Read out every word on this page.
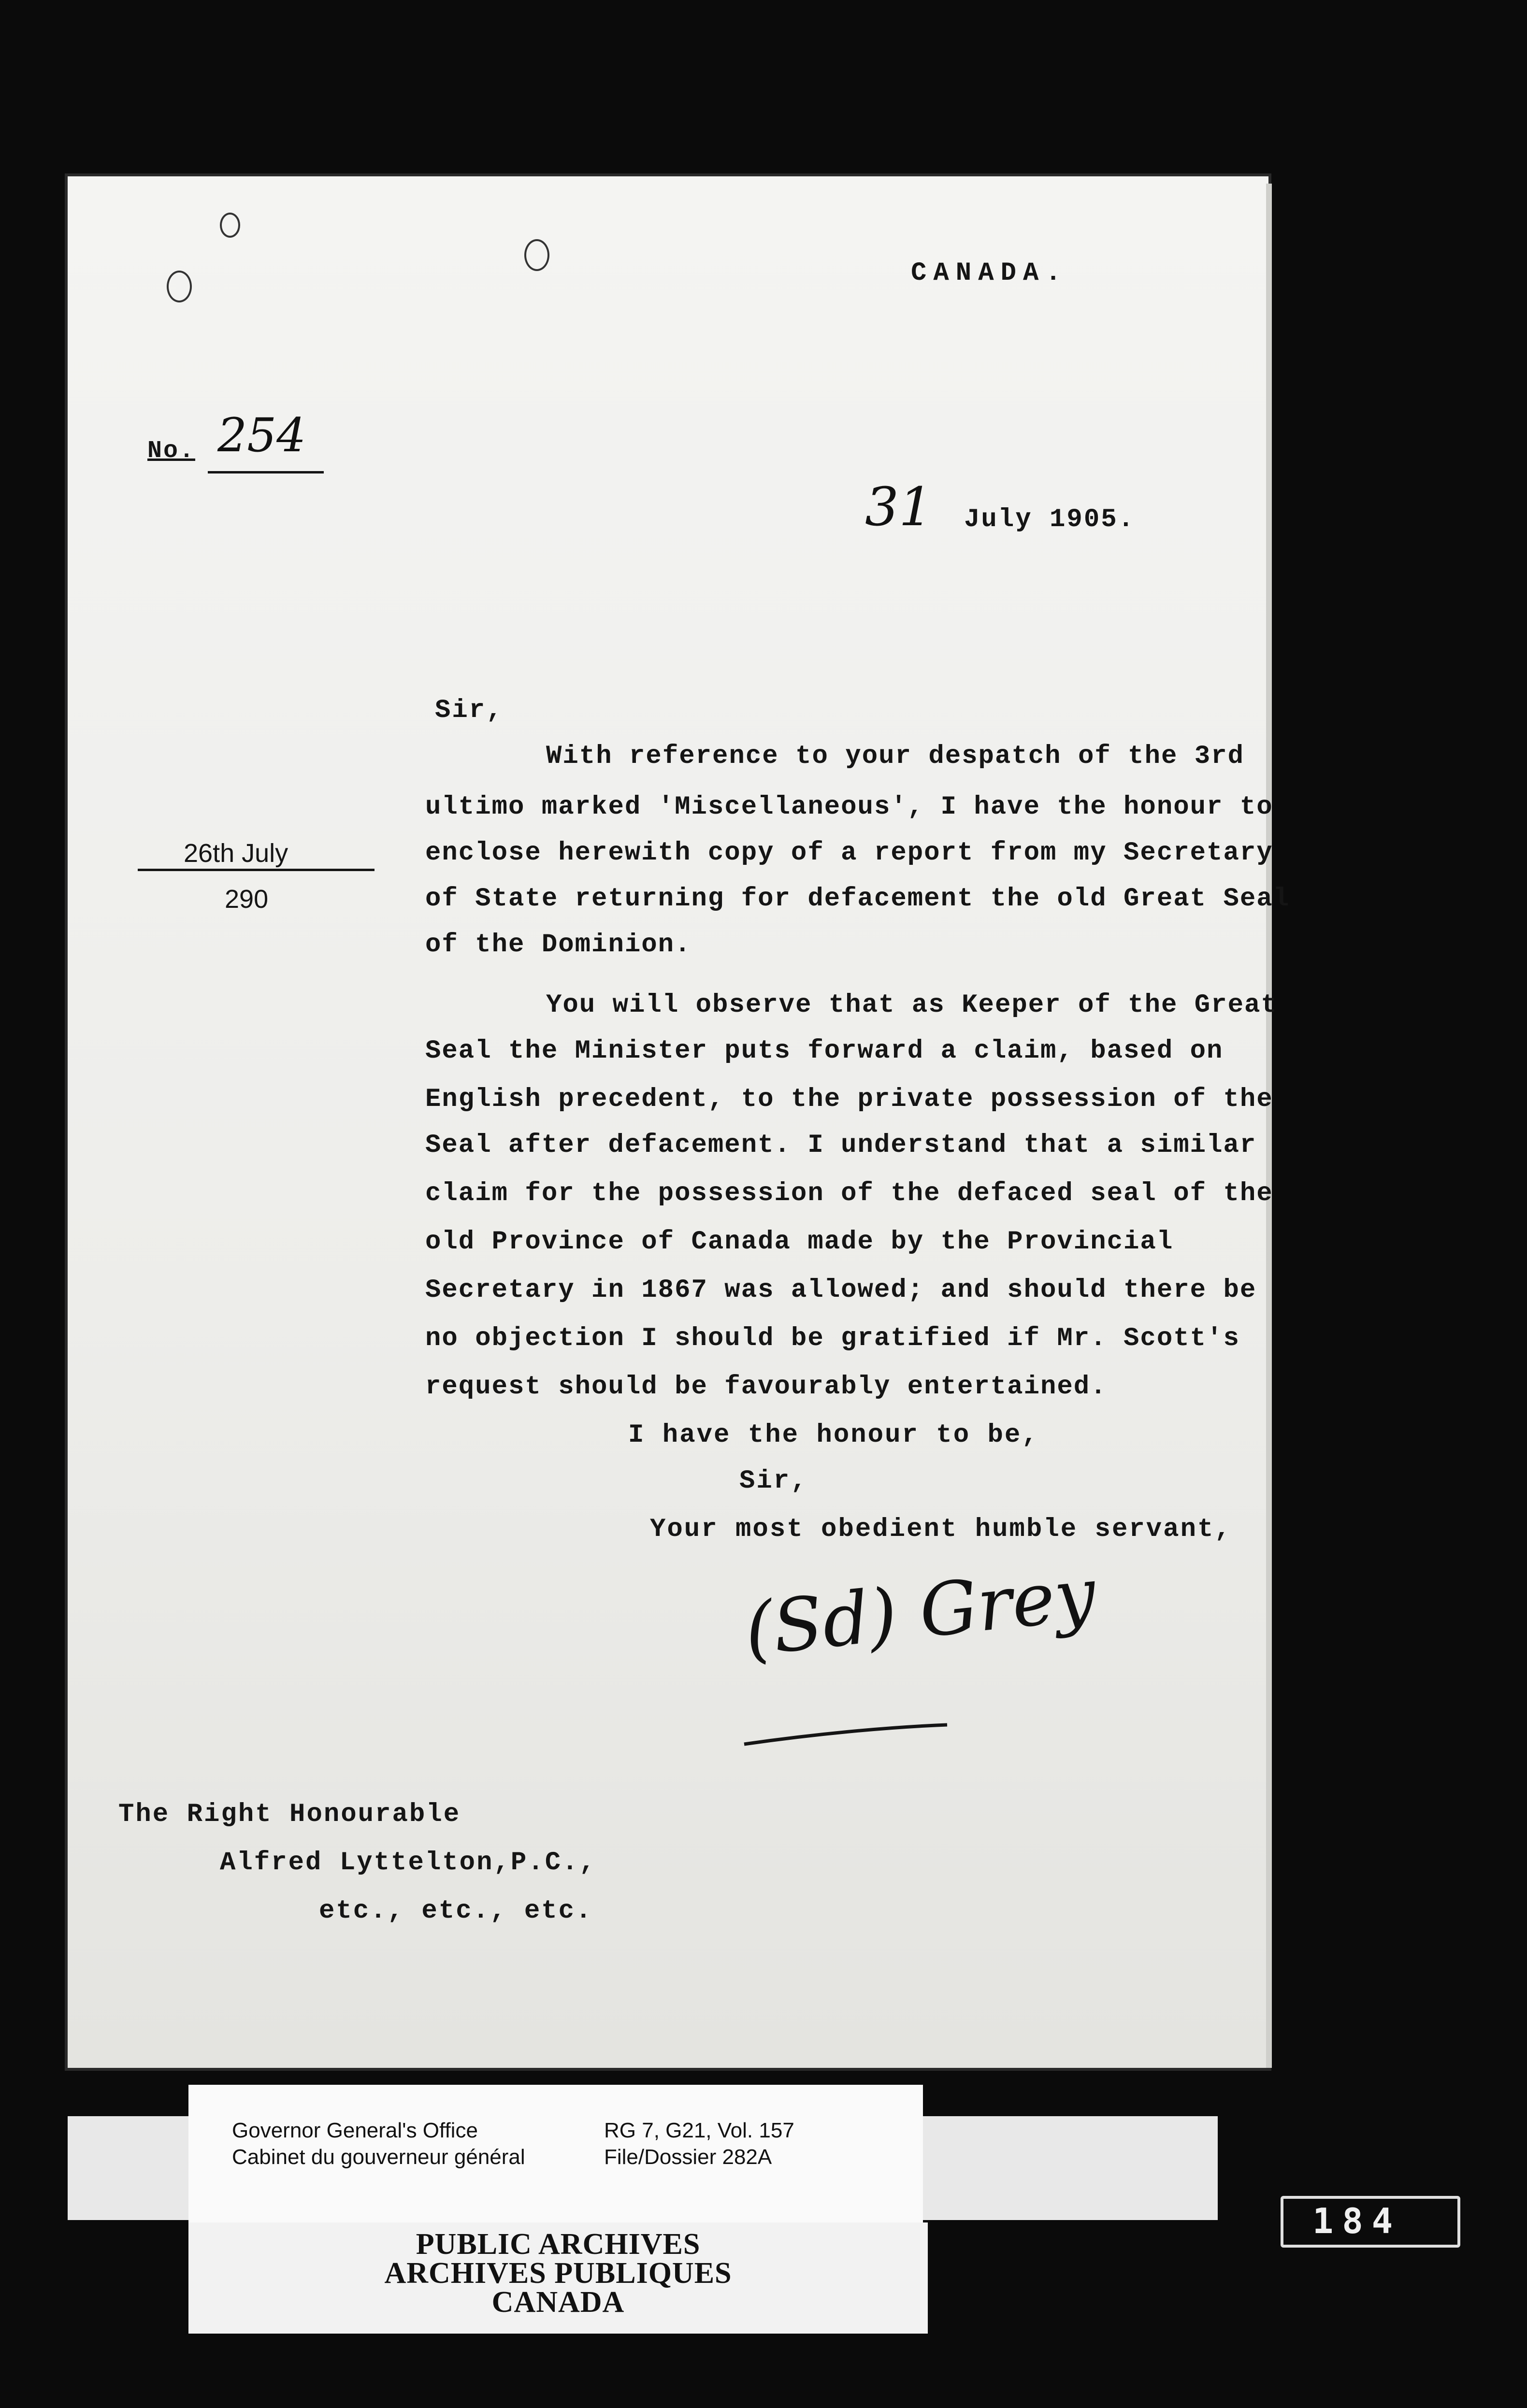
CANADA.
No. 254
31 July 1905.
26th July
290
Sir,
With reference to your despatch of the 3rd
ultimo marked 'Miscellaneous', I have the honour to
enclose herewith copy of a report from my Secretary
of State returning for defacement the old Great Seal
of the Dominion.
You will observe that as Keeper of the Great
Seal the Minister puts forward a claim, based on
English precedent, to the private possession of the
Seal after defacement. I understand that a similar
claim for the possession of the defaced seal of the
old Province of Canada made by the Provincial
Secretary in 1867 was allowed; and should there be
no objection I should be gratified if Mr. Scott's
request should be favourably entertained.
I have the honour to be,
Sir,
Your most obedient humble servant,
(Sd) Grey
The Right Honourable
Alfred Lyttelton,P.C.,
etc., etc., etc.
Governor General's Office
Cabinet du gouverneur général
RG 7, G21, Vol. 157
File/Dossier 282A
PUBLIC ARCHIVES
ARCHIVES PUBLIQUES
CANADA
184
